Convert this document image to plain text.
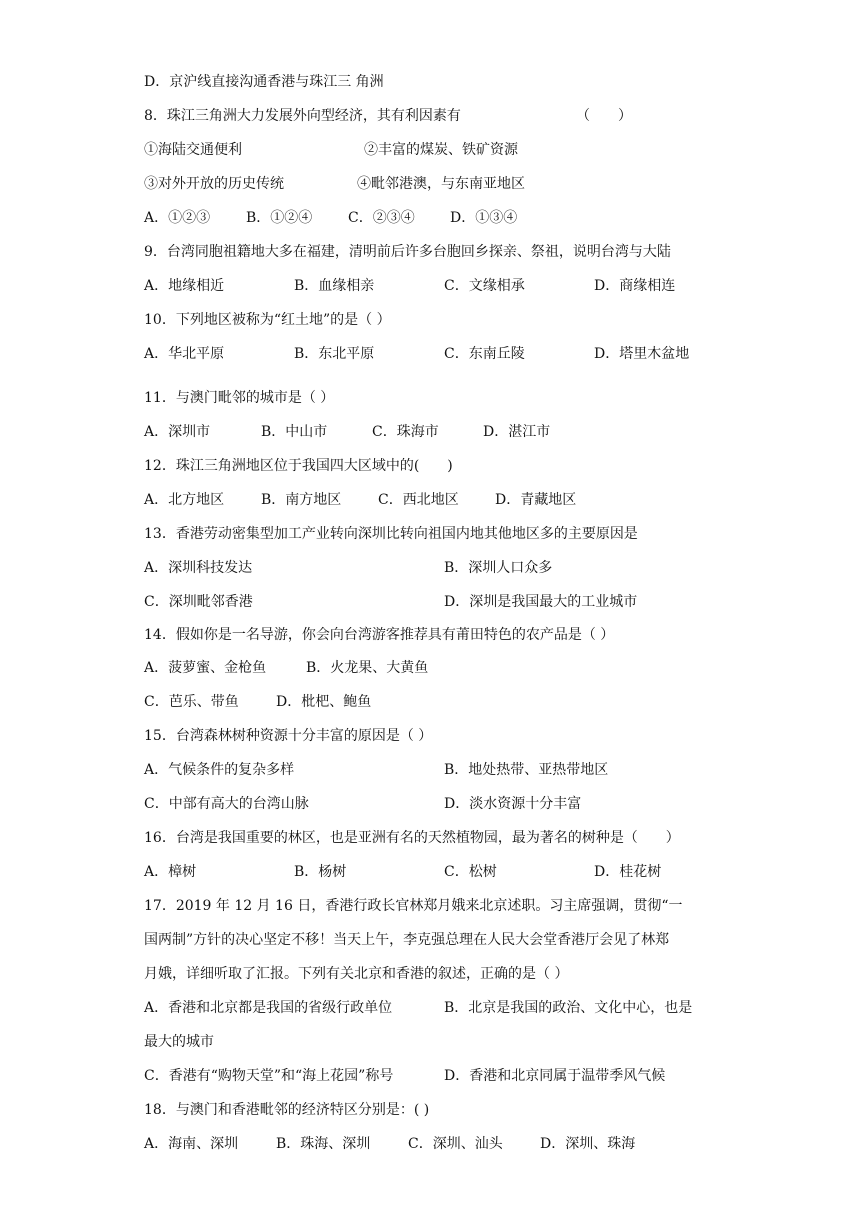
D．京沪线直接沟通香港与珠江三 角洲
8．珠江三角洲大力发展外向型经济，其有利因素有	（　　）
①海陆交通便利	②丰富的煤炭、铁矿资源
③对外开放的历史传统	④毗邻港澳，与东南亚地区
A．①②③	B．①②④	C．②③④	D．①③④
9．台湾同胞祖籍地大多在福建，清明前后许多台胞回乡探亲、祭祖，说明台湾与大陆
A．地缘相近	B．血缘相亲	C．文缘相承	D．商缘相连
10．下列地区被称为“红土地”的是（ ）
A．华北平原	B．东北平原	C．东南丘陵	D．塔里木盆地
11．与澳门毗邻的城市是（ ）
A．深圳市	B．中山市	C．珠海市	D．湛江市
12．珠江三角洲地区位于我国四大区域中的(　　)
A．北方地区	B．南方地区	C．西北地区	D．青藏地区
13．香港劳动密集型加工产业转向深圳比转向祖国内地其他地区多的主要原因是
A．深圳科技发达	B．深圳人口众多
C．深圳毗邻香港	D．深圳是我国最大的工业城市
14．假如你是一名导游，你会向台湾游客推荐具有莆田特色的农产品是（ ）
A．菠萝蜜、金枪鱼	B．火龙果、大黄鱼
C．芭乐、带鱼	D．枇杷、鲍鱼
15．台湾森林树种资源十分丰富的原因是（ ）
A．气候条件的复杂多样	B．地处热带、亚热带地区
C．中部有高大的台湾山脉	D．淡水资源十分丰富
16．台湾是我国重要的林区，也是亚洲有名的天然植物园，最为著名的树种是（　　）
A．樟树	B．杨树	C．松树	D．桂花树
17．2019 年 12 月 16 日，香港行政长官林郑月娥来北京述职。习主席强调，贯彻“一
国两制”方针的决心坚定不移！当天上午，李克强总理在人民大会堂香港厅会见了林郑
月娥，详细听取了汇报。下列有关北京和香港的叙述，正确的是（ ）
A．香港和北京都是我国的省级行政单位	B．北京是我国的政治、文化中心，也是
最大的城市
C．香港有“购物天堂”和“海上花园”称号	D．香港和北京同属于温带季风气候
18．与澳门和香港毗邻的经济特区分别是：( )
A．海南、深圳	B．珠海、深圳	C．深圳、汕头	D．深圳、珠海
